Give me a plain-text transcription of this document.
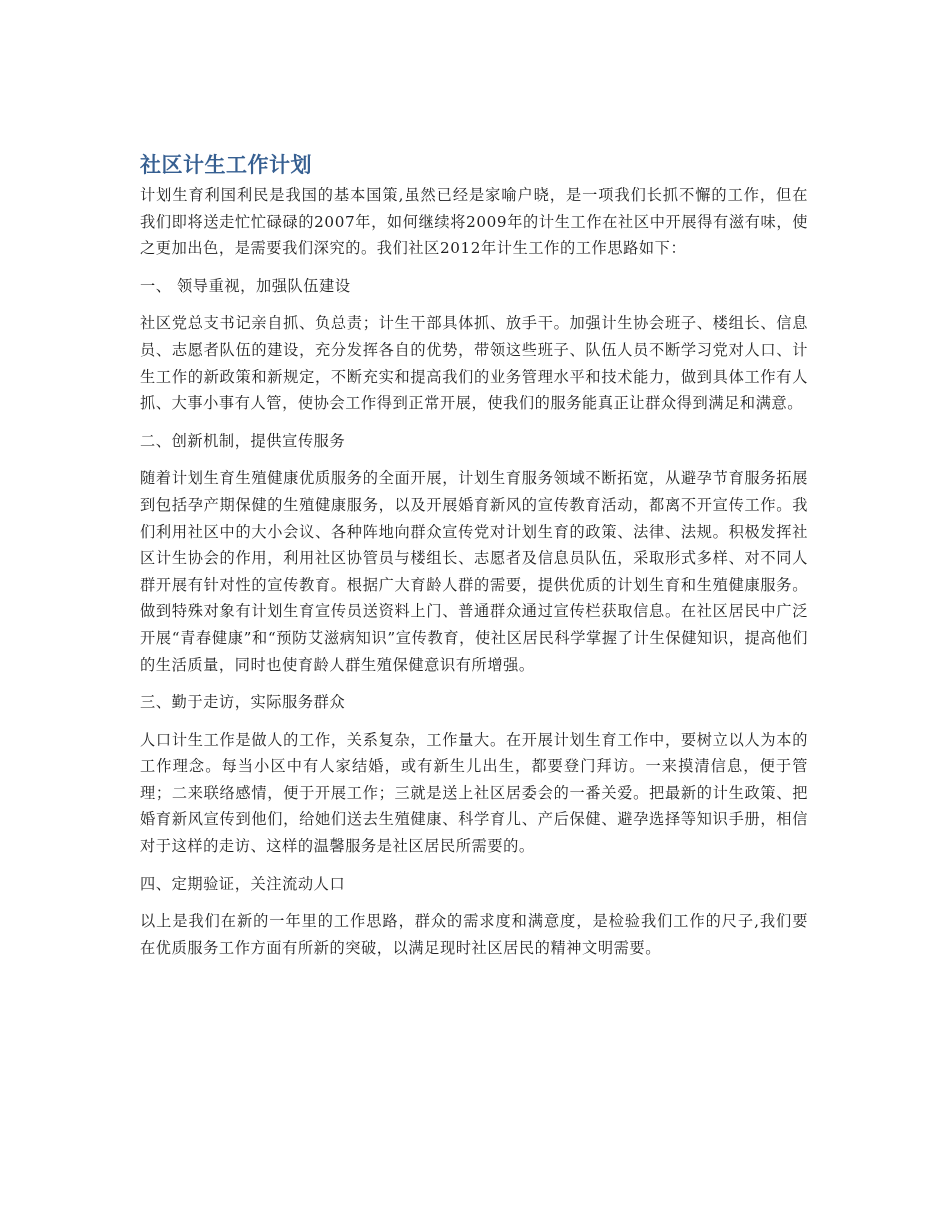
社区计生工作计划

计划生育利国利民是我国的基本国策,虽然已经是家喻户晓，是一项我们长抓不懈的工作，但在我们即将送走忙忙碌碌的2007年，如何继续将2009年的计生工作在社区中开展得有滋有味，使之更加出色，是需要我们深究的。我们社区2012年计生工作的工作思路如下：

一、 领导重视，加强队伍建设

社区党总支书记亲自抓、负总责；计生干部具体抓、放手干。加强计生协会班子、楼组长、信息员、志愿者队伍的建设，充分发挥各自的优势，带领这些班子、队伍人员不断学习党对人口、计生工作的新政策和新规定，不断充实和提高我们的业务管理水平和技术能力，做到具体工作有人抓、大事小事有人管，使协会工作得到正常开展，使我们的服务能真正让群众得到满足和满意。

二、创新机制，提供宣传服务

随着计划生育生殖健康优质服务的全面开展，计划生育服务领域不断拓宽，从避孕节育服务拓展到包括孕产期保健的生殖健康服务，以及开展婚育新风的宣传教育活动，都离不开宣传工作。我们利用社区中的大小会议、各种阵地向群众宣传党对计划生育的政策、法律、法规。积极发挥社区计生协会的作用，利用社区协管员与楼组长、志愿者及信息员队伍，采取形式多样、对不同人群开展有针对性的宣传教育。根据广大育龄人群的需要，提供优质的计划生育和生殖健康服务。做到特殊对象有计划生育宣传员送资料上门、普通群众通过宣传栏获取信息。在社区居民中广泛开展“青春健康”和“预防艾滋病知识”宣传教育，使社区居民科学掌握了计生保健知识，提高他们的生活质量，同时也使育龄人群生殖保健意识有所增强。

三、勤于走访，实际服务群众

人口计生工作是做人的工作，关系复杂，工作量大。在开展计划生育工作中，要树立以人为本的工作理念。每当小区中有人家结婚，或有新生儿出生，都要登门拜访。一来摸清信息，便于管理；二来联络感情，便于开展工作；三就是送上社区居委会的一番关爱。把最新的计生政策、把婚育新风宣传到他们，给她们送去生殖健康、科学育儿、产后保健、避孕选择等知识手册，相信对于这样的走访、这样的温馨服务是社区居民所需要的。

四、定期验证，关注流动人口

以上是我们在新的一年里的工作思路，群众的需求度和满意度，是检验我们工作的尺子,我们要在优质服务工作方面有所新的突破，以满足现时社区居民的精神文明需要。
